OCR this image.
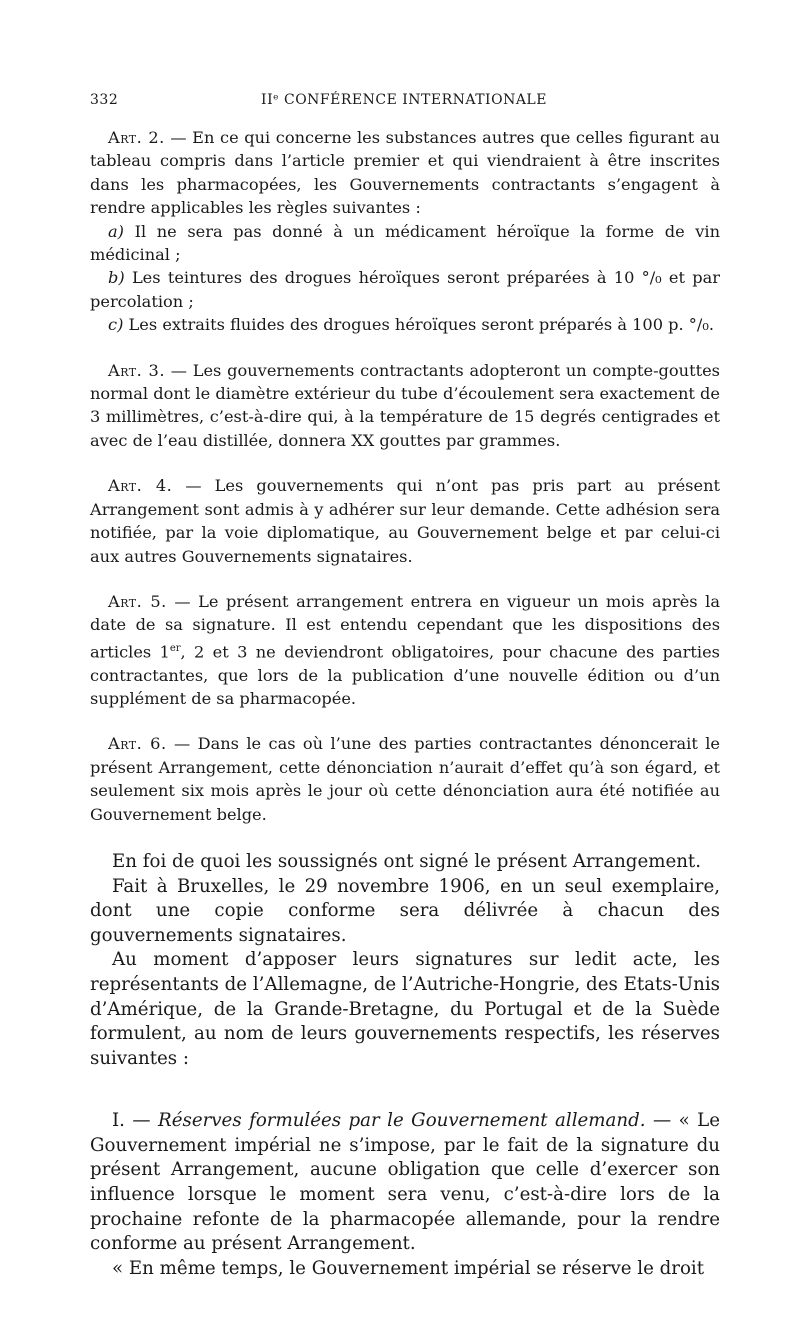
332	IIᵉ CONFÉRENCE INTERNATIONALE

Art. 2. — En ce qui concerne les substances autres que celles figurant au tableau compris dans l’article premier et qui viendraient à être inscrites dans les pharmacopées, les Gouvernements contractants s’engagent à rendre applicables les règles suivantes :

a) Il ne sera pas donné à un médicament héroïque la forme de vin médicinal ;

b) Les teintures des drogues héroïques seront préparées à 10 °/₀ et par percolation ;

c) Les extraits fluides des drogues héroïques seront préparés à 100 p. °/₀.

Art. 3. — Les gouvernements contractants adopteront un compte-gouttes normal dont le diamètre extérieur du tube d’écoulement sera exactement de 3 millimètres, c’est-à-dire qui, à la température de 15 degrés centigrades et avec de l’eau distillée, donnera XX gouttes par grammes.

Art. 4. — Les gouvernements qui n’ont pas pris part au présent Arrangement sont admis à y adhérer sur leur demande. Cette adhésion sera notifiée, par la voie diplomatique, au Gouvernement belge et par celui-ci aux autres Gouvernements signataires.

Art. 5. — Le présent arrangement entrera en vigueur un mois après la date de sa signature. Il est entendu cependant que les dispositions des articles 1er, 2 et 3 ne deviendront obligatoires, pour chacune des parties contractantes, que lors de la publication d’une nouvelle édition ou d’un supplément de sa pharmacopée.

Art. 6. — Dans le cas où l’une des parties contractantes dénoncerait le présent Arrangement, cette dénonciation n’aurait d’effet qu’à son égard, et seulement six mois après le jour où cette dénonciation aura été notifiée au Gouvernement belge.

En foi de quoi les soussignés ont signé le présent Arrangement.

Fait à Bruxelles, le 29 novembre 1906, en un seul exemplaire, dont une copie conforme sera délivrée à chacun des gouvernements signataires.

Au moment d’apposer leurs signatures sur ledit acte, les représentants de l’Allemagne, de l’Autriche-Hongrie, des Etats-Unis d’Amérique, de la Grande-Bretagne, du Portugal et de la Suède formulent, au nom de leurs gouvernements respectifs, les réserves suivantes :

I. — Réserves formulées par le Gouvernement allemand. — « Le Gouvernement impérial ne s’impose, par le fait de la signature du présent Arrangement, aucune obligation que celle d’exercer son influence lorsque le moment sera venu, c’est-à-dire lors de la prochaine refonte de la pharmacopée allemande, pour la rendre conforme au présent Arrangement.

« En même temps, le Gouvernement impérial se réserve le droit
